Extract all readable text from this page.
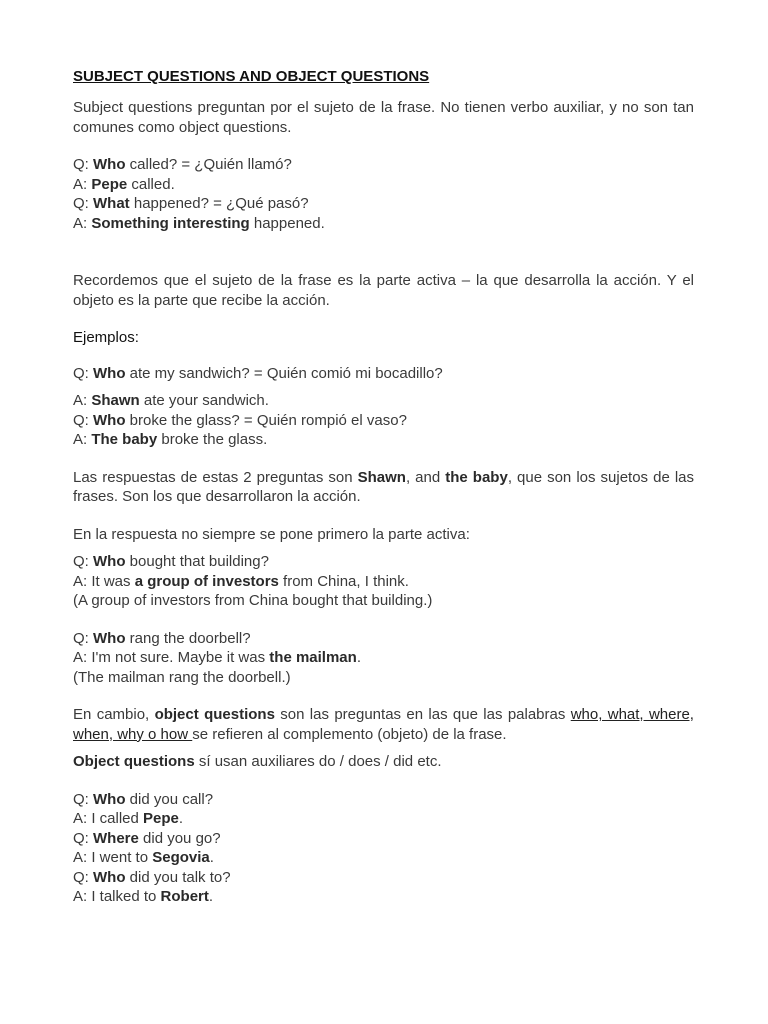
SUBJECT QUESTIONS AND OBJECT QUESTIONS

Subject questions preguntan por el sujeto de la frase. No tienen verbo auxiliar, y no son tan comunes como object questions.

Q: Who called? = ¿Quién llamó?

A: Pepe called.

Q: What happened? = ¿Qué pasó?

A: Something interesting happened.

Recordemos que el sujeto de la frase es la parte activa – la que desarrolla la acción. Y el objeto es la parte que recibe la acción.

Ejemplos:

Q: Who ate my sandwich? = Quién comió mi bocadillo?

A: Shawn ate your sandwich.

Q: Who broke the glass? = Quién rompió el vaso?

A: The baby broke the glass.

Las respuestas de estas 2 preguntas son Shawn, and the baby, que son los sujetos de las frases. Son los que desarrollaron la acción.

En la respuesta no siempre se pone primero la parte activa:

Q: Who bought that building?

A: It was a group of investors from China, I think.

(A group of investors from China bought that building.)

Q: Who rang the doorbell?

A: I'm not sure. Maybe it was the mailman.

(The mailman rang the doorbell.)

En cambio, object questions son las preguntas en las que las palabras who, what, where, when, why o how se refieren al complemento (objeto) de la frase.

Object questions sí usan auxiliares do / does / did etc.

Q: Who did you call?

A: I called Pepe.

Q: Where did you go?

A: I went to Segovia.

Q: Who did you talk to?

A: I talked to Robert.
